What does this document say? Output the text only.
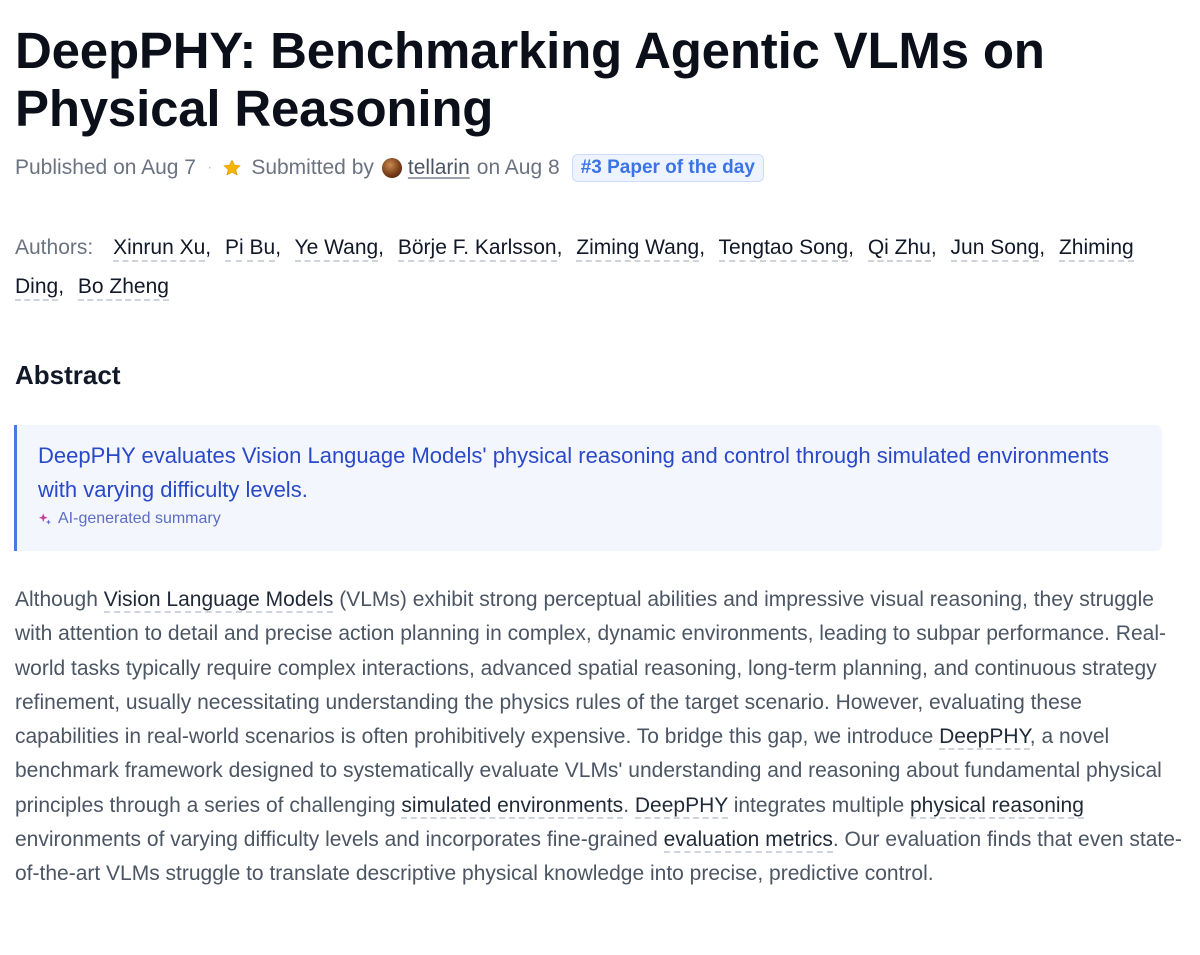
DeepPHY: Benchmarking Agentic VLMs on Physical Reasoning
Published on Aug 7 · Submitted by tellarin on Aug 8	#3 Paper of the day

Authors: Xinrun Xu, Pi Bu, Ye Wang, Börje F. Karlsson, Ziming Wang, Tengtao Song, Qi Zhu, Jun Song, Zhiming Ding, Bo Zheng

Abstract

DeepPHY evaluates Vision Language Models' physical reasoning and control through simulated environments with varying difficulty levels.

AI-generated summary

Although Vision Language Models (VLMs) exhibit strong perceptual abilities and impressive visual reasoning, they struggle with attention to detail and precise action planning in complex, dynamic environments, leading to subpar performance. Real-world tasks typically require complex interactions, advanced spatial reasoning, long-term planning, and continuous strategy refinement, usually necessitating understanding the physics rules of the target scenario. However, evaluating these capabilities in real-world scenarios is often prohibitively expensive. To bridge this gap, we introduce DeepPHY, a novel benchmark framework designed to systematically evaluate VLMs' understanding and reasoning about fundamental physical principles through a series of challenging simulated environments. DeepPHY integrates multiple physical reasoning environments of varying difficulty levels and incorporates fine-grained evaluation metrics. Our evaluation finds that even state-of-the-art VLMs struggle to translate descriptive physical knowledge into precise, predictive control.
